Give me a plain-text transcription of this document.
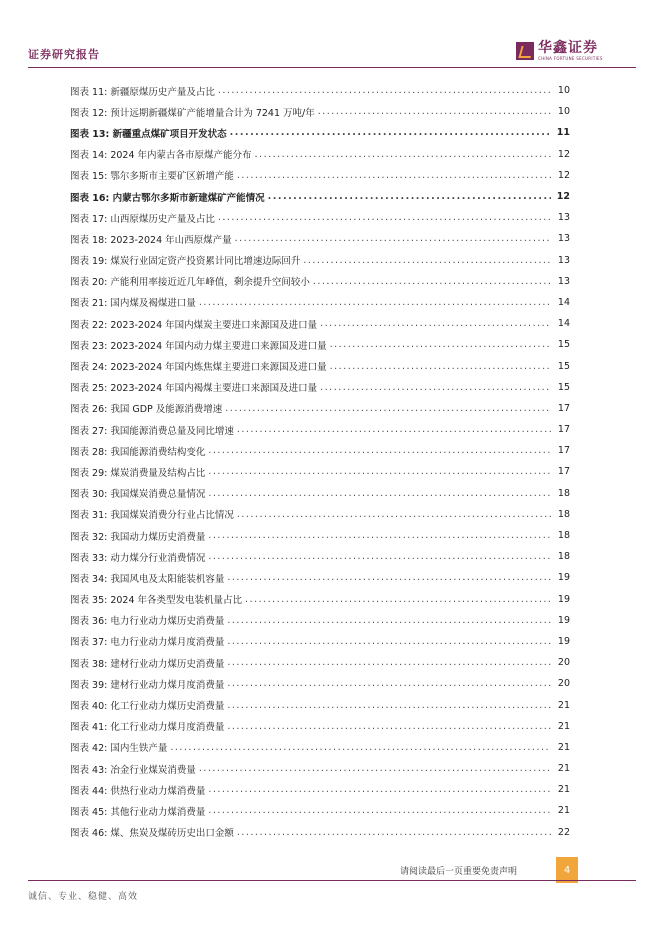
证券研究报告	华鑫证券
CHINA FORTUNE SECURITIES
图表 11: 新疆原煤历史产量及占比 .....	10
图表 12: 预计远期新疆煤矿产能增量合计为 7241 万吨/年 .....	10
图表 13: 新疆重点煤矿项目开发状态 .....	11
图表 14: 2024 年内蒙古各市原煤产能分布 .....	12
图表 15: 鄂尔多斯市主要矿区新增产能 .....	12
图表 16: 内蒙古鄂尔多斯市新建煤矿产能情况 .....	12
图表 17: 山西原煤历史产量及占比 .....	13
图表 18: 2023-2024 年山西原煤产量 .....	13
图表 19: 煤炭行业固定资产投资累计同比增速边际回升 .....	13
图表 20: 产能利用率接近近几年峰值，剩余提升空间较小 .....	13
图表 21: 国内煤及褐煤进口量 .....	14
图表 22: 2023-2024 年国内煤炭主要进口来源国及进口量 .....	14
图表 23: 2023-2024 年国内动力煤主要进口来源国及进口量 .....	15
图表 24: 2023-2024 年国内炼焦煤主要进口来源国及进口量 .....	15
图表 25: 2023-2024 年国内褐煤主要进口来源国及进口量 .....	15
图表 26: 我国 GDP 及能源消费增速 .....	17
图表 27: 我国能源消费总量及同比增速 .....	17
图表 28: 我国能源消费结构变化 .....	17
图表 29: 煤炭消费量及结构占比 .....	17
图表 30: 我国煤炭消费总量情况 .....	18
图表 31: 我国煤炭消费分行业占比情况 .....	18
图表 32: 我国动力煤历史消费量 .....	18
图表 33: 动力煤分行业消费情况 .....	18
图表 34: 我国风电及太阳能装机容量 .....	19
图表 35: 2024 年各类型发电装机量占比 .....	19
图表 36: 电力行业动力煤历史消费量 .....	19
图表 37: 电力行业动力煤月度消费量 .....	19
图表 38: 建材行业动力煤历史消费量 .....	20
图表 39: 建材行业动力煤月度消费量 .....	20
图表 40: 化工行业动力煤历史消费量 .....	21
图表 41: 化工行业动力煤月度消费量 .....	21
图表 42: 国内生铁产量 .....	21
图表 43: 冶金行业煤炭消费量 .....	21
图表 44: 供热行业动力煤消费量 .....	21
图表 45: 其他行业动力煤消费量 .....	21
图表 46: 煤、焦炭及煤砖历史出口金额 .....	22
请阅读最后一页重要免责声明	4
诚信、专业、稳健、高效
